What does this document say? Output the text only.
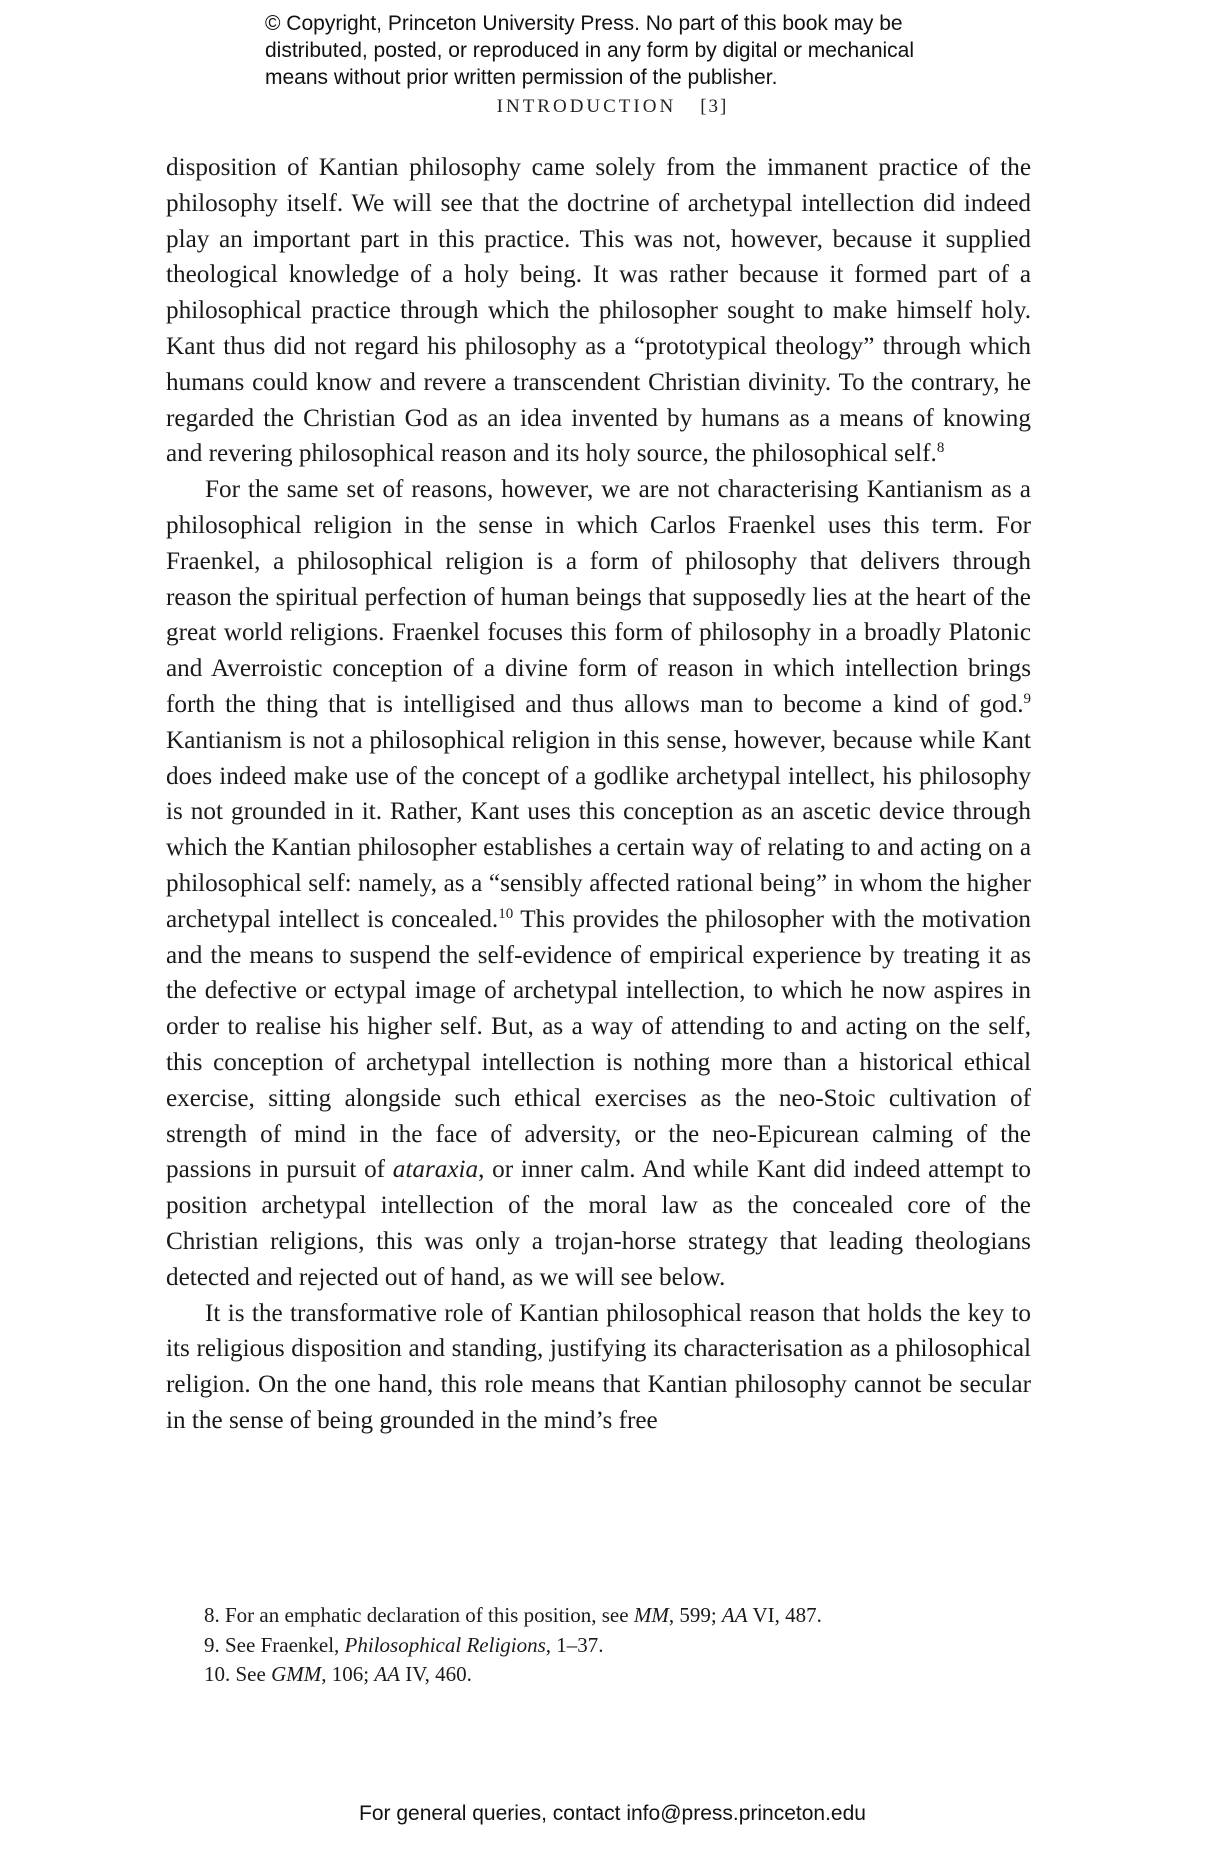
© Copyright, Princeton University Press. No part of this book may be
distributed, posted, or reproduced in any form by digital or mechanical
means without prior written permission of the publisher.
INTRODUCTION [3]

disposition of Kantian philosophy came solely from the immanent practice of the philosophy itself. We will see that the doctrine of archetypal intellection did indeed play an important part in this practice. This was not, however, because it supplied theological knowledge of a holy being. It was rather because it formed part of a philosophical practice through which the philosopher sought to make himself holy. Kant thus did not regard his philosophy as a “prototypical theology” through which humans could know and revere a transcendent Christian divinity. To the contrary, he regarded the Christian God as an idea invented by humans as a means of knowing and revering philosophical reason and its holy source, the philosophical self.$^8$

For the same set of reasons, however, we are not characterising Kantianism as a philosophical religion in the sense in which Carlos Fraenkel uses this term. For Fraenkel, a philosophical religion is a form of philosophy that delivers through reason the spiritual perfection of human beings that supposedly lies at the heart of the great world religions. Fraenkel focuses this form of philosophy in a broadly Platonic and Averroistic conception of a divine form of reason in which intellection brings forth the thing that is intelligised and thus allows man to become a kind of god.$^9$ Kantianism is not a philosophical religion in this sense, however, because while Kant does indeed make use of the concept of a godlike archetypal intellect, his philosophy is not grounded in it. Rather, Kant uses this conception as an ascetic device through which the Kantian philosopher establishes a certain way of relating to and acting on a philosophical self: namely, as a “sensibly affected rational being” in whom the higher archetypal intellect is concealed.$^{10}$ This provides the philosopher with the motivation and the means to suspend the self-evidence of empirical experience by treating it as the defective or ectypal image of archetypal intellection, to which he now aspires in order to realise his higher self. But, as a way of attending to and acting on the self, this conception of archetypal intellection is nothing more than a historical ethical exercise, sitting alongside such ethical exercises as the neo-Stoic cultivation of strength of mind in the face of adversity, or the neo-Epicurean calming of the passions in pursuit of ataraxia, or inner calm. And while Kant did indeed attempt to position archetypal intellection of the moral law as the concealed core of the Christian religions, this was only a trojan-horse strategy that leading theologians detected and rejected out of hand, as we will see below.

It is the transformative role of Kantian philosophical reason that holds the key to its religious disposition and standing, justifying its characterisation as a philosophical religion. On the one hand, this role means that Kantian philosophy cannot be secular in the sense of being grounded in the mind’s free

8. For an emphatic declaration of this position, see MM, 599; AA VI, 487.
9. See Fraenkel, Philosophical Religions, 1–37.
10. See GMM, 106; AA IV, 460.
For general queries, contact info@press.princeton.edu
